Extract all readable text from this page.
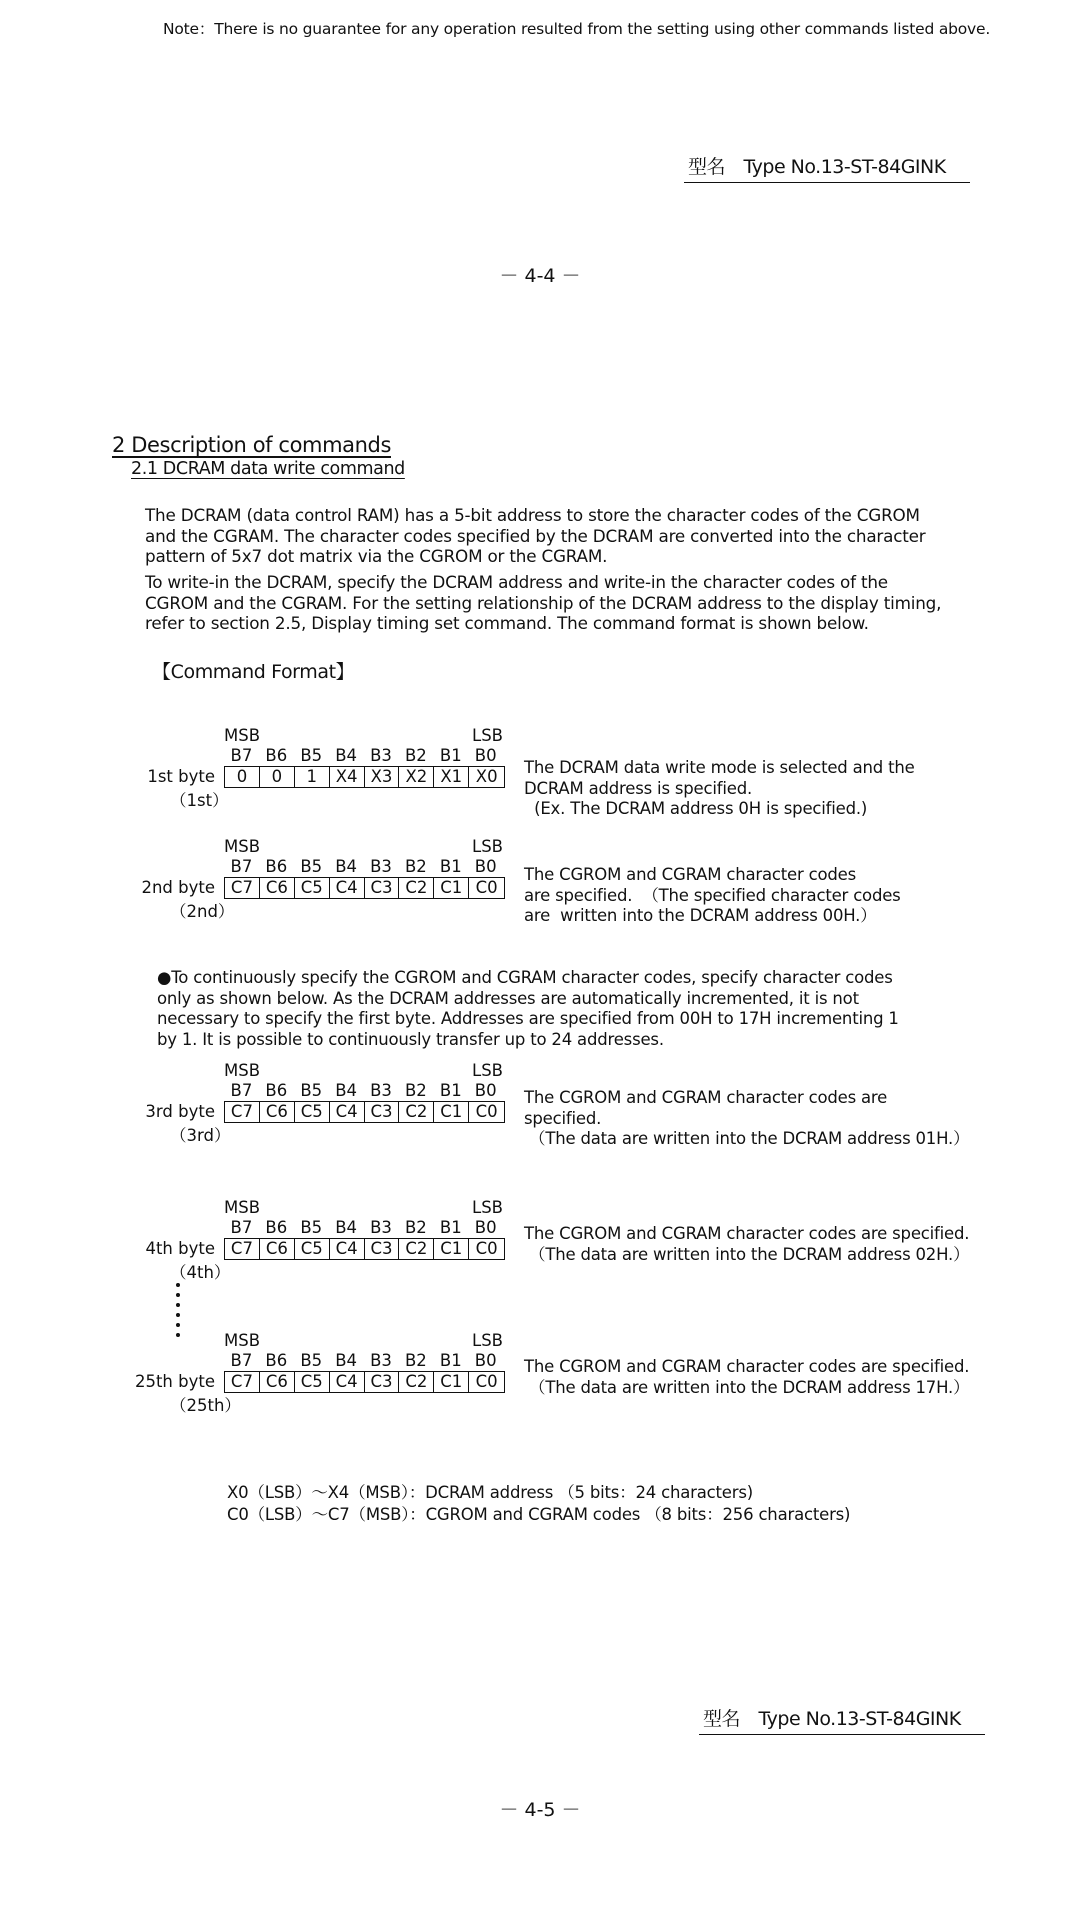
Note：There is no guarantee for any operation resulted from the setting using other commands listed above.
型名　Type No.13-ST-84GINK
－ 4-4 －
2 Description of commands
2.1 DCRAM data write command
The DCRAM (data control RAM) has a 5-bit address to store the character codes of the CGROM and the CGRAM. The character codes specified by the DCRAM are converted into the character pattern of 5x7 dot matrix via the CGROM or the CGRAM.
To write-in the DCRAM, specify the DCRAM address and write-in the character codes of the CGROM and the CGRAM. For the setting relationship of the DCRAM address to the display timing, refer to section 2.5, Display timing set command. The command format is shown below.
【Command Format】
MSB	LSB
B7 B6 B5 B4 B3 B2 B1 B0
0	0	1	X4 X3 X2 X1 X0
1st byte
（1st）
The DCRAM data write mode is selected and the
DCRAM address is specified.
(Ex. The DCRAM address 0H is specified.)
MSB	LSB
B7 B6 B5 B4 B3 B2 B1 B0
C7 C6 C5 C4 C3 C2 C1 C0
2nd byte
（2nd）
The CGROM and CGRAM character codes
are specified.  （The specified character codes
are  written into the DCRAM address 00H.）
●To continuously specify the CGROM and CGRAM character codes, specify character codes only as shown below. As the DCRAM addresses are automatically incremented, it is not necessary to specify the first byte. Addresses are specified from 00H to 17H incrementing 1 by 1. It is possible to continuously transfer up to 24 addresses.
MSB	LSB
B7 B6 B5 B4 B3 B2 B1 B0
C7 C6 C5 C4 C3 C2 C1 C0
3rd byte
（3rd）
The CGROM and CGRAM character codes are
specified.
（The data are written into the DCRAM address 01H.）
MSB	LSB
B7 B6 B5 B4 B3 B2 B1 B0
C7 C6 C5 C4 C3 C2 C1 C0
4th byte
（4th）
The CGROM and CGRAM character codes are specified.
（The data are written into the DCRAM address 02H.）
MSB	LSB
B7 B6 B5 B4 B3 B2 B1 B0
C7 C6 C5 C4 C3 C2 C1 C0
25th byte
（25th）
The CGROM and CGRAM character codes are specified.
（The data are written into the DCRAM address 17H.）
X0（LSB）～X4（MSB）：DCRAM address （5 bits：24 characters)
C0（LSB）～C7（MSB）：CGROM and CGRAM codes （8 bits：256 characters)
型名　Type No.13-ST-84GINK
－ 4-5 －
